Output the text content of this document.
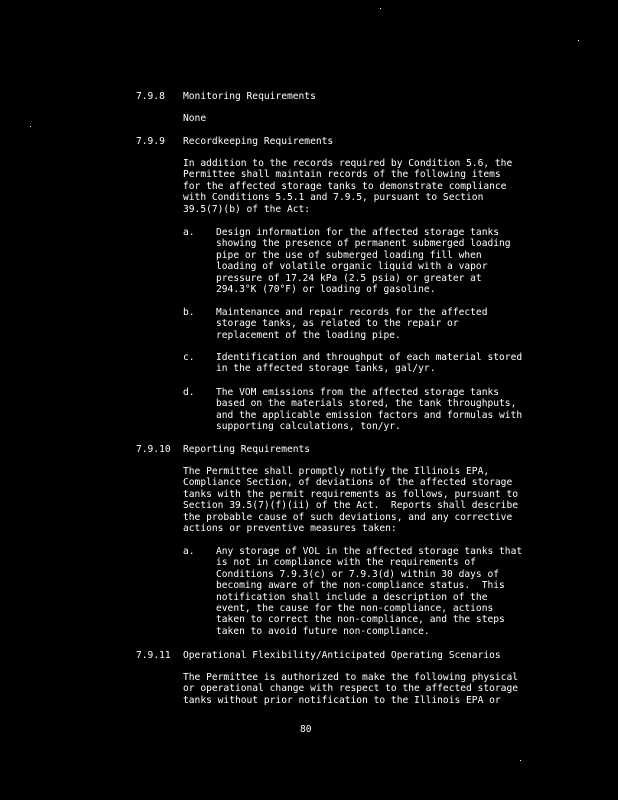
7.9.8 Monitoring Requirements
None
7.9.9 Recordkeeping Requirements
In addition to the records required by Condition 5.6, the
Permittee shall maintain records of the following items
for the affected storage tanks to demonstrate compliance
with Conditions 5.5.1 and 7.9.5, pursuant to Section
39.5(7)(b) of the Act:
a. Design information for the affected storage tanks
showing the presence of permanent submerged loading
pipe or the use of submerged loading fill when
loading of volatile organic liquid with a vapor
pressure of 17.24 kPa (2.5 psia) or greater at
294.3°K (70°F) or loading of gasoline.
b. Maintenance and repair records for the affected
storage tanks, as related to the repair or
replacement of the loading pipe.
c. Identification and throughput of each material stored
in the affected storage tanks, gal/yr.
d. The VOM emissions from the affected storage tanks
based on the materials stored, the tank throughputs,
and the applicable emission factors and formulas with
supporting calculations, ton/yr.
7.9.10 Reporting Requirements
The Permittee shall promptly notify the Illinois EPA,
Compliance Section, of deviations of the affected storage
tanks with the permit requirements as follows, pursuant to
Section 39.5(7)(f)(ii) of the Act.  Reports shall describe
the probable cause of such deviations, and any corrective
actions or preventive measures taken:
a. Any storage of VOL in the affected storage tanks that
is not in compliance with the requirements of
Conditions 7.9.3(c) or 7.9.3(d) within 30 days of
becoming aware of the non-compliance status.  This
notification shall include a description of the
event, the cause for the non-compliance, actions
taken to correct the non-compliance, and the steps
taken to avoid future non-compliance.
7.9.11 Operational Flexibility/Anticipated Operating Scenarios
The Permittee is authorized to make the following physical
or operational change with respect to the affected storage
tanks without prior notification to the Illinois EPA or
80
